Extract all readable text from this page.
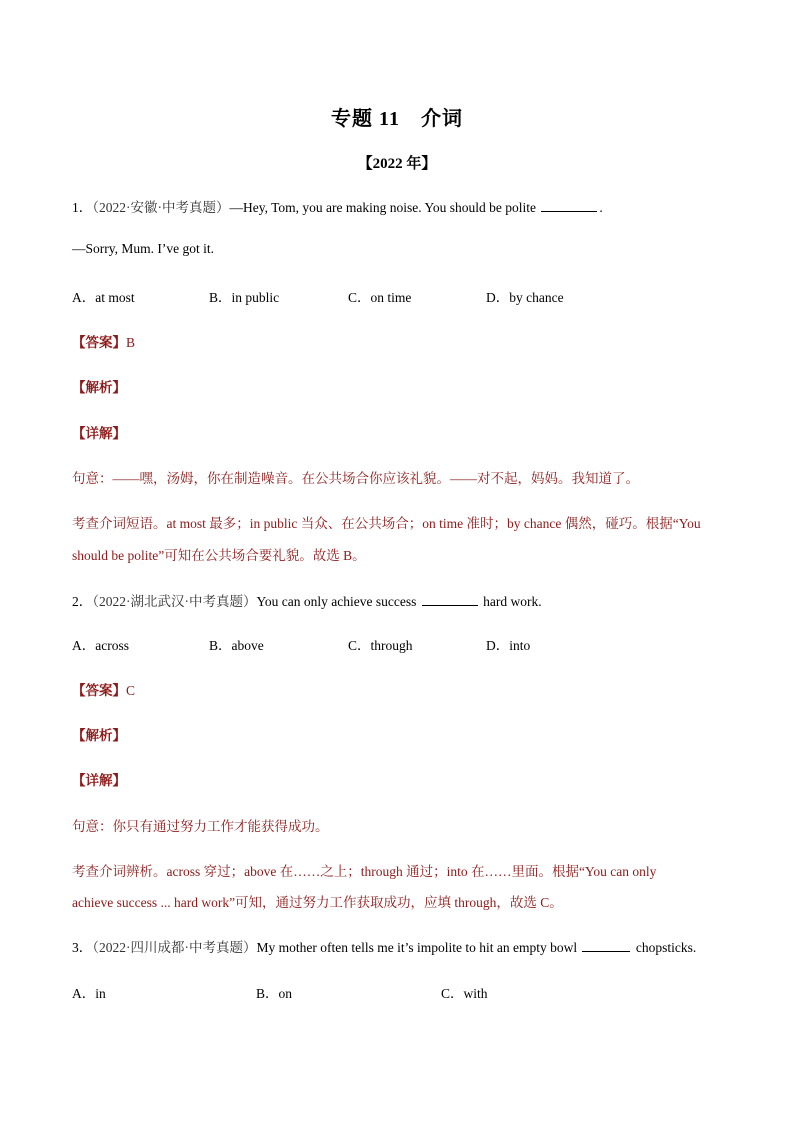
专题 11　介词
【2022 年】
1．（2022·安徽·中考真题）—Hey, Tom, you are making noise. You should be polite	.
—Sorry, Mum. I’ve got it.
A．at most	B．in public	C．on time	D．by chance
【答案】B
【解析】
【详解】
句意：——嘿，汤姆，你在制造噪音。在公共场合你应该礼貌。——对不起，妈妈。我知道了。
考查介词短语。at most 最多；in public 当众、在公共场合；on time 准时；by chance 偶然，碰巧。根据“You
should be polite”可知在公共场合要礼貌。故选 B。
2．（2022·湖北武汉·中考真题）You can only achieve success	hard work.
A．across	B．above	C．through	D．into
【答案】C
【解析】
【详解】
句意：你只有通过努力工作才能获得成功。
考查介词辨析。across 穿过；above 在……之上；through 通过；into 在……里面。根据“You can only
achieve success ... hard work”可知，通过努力工作获取成功，应填 through，故选 C。
3．（2022·四川成都·中考真题）My mother often tells me it’s impolite to hit an empty bowl	chopsticks.
A．in	B．on	C．with
